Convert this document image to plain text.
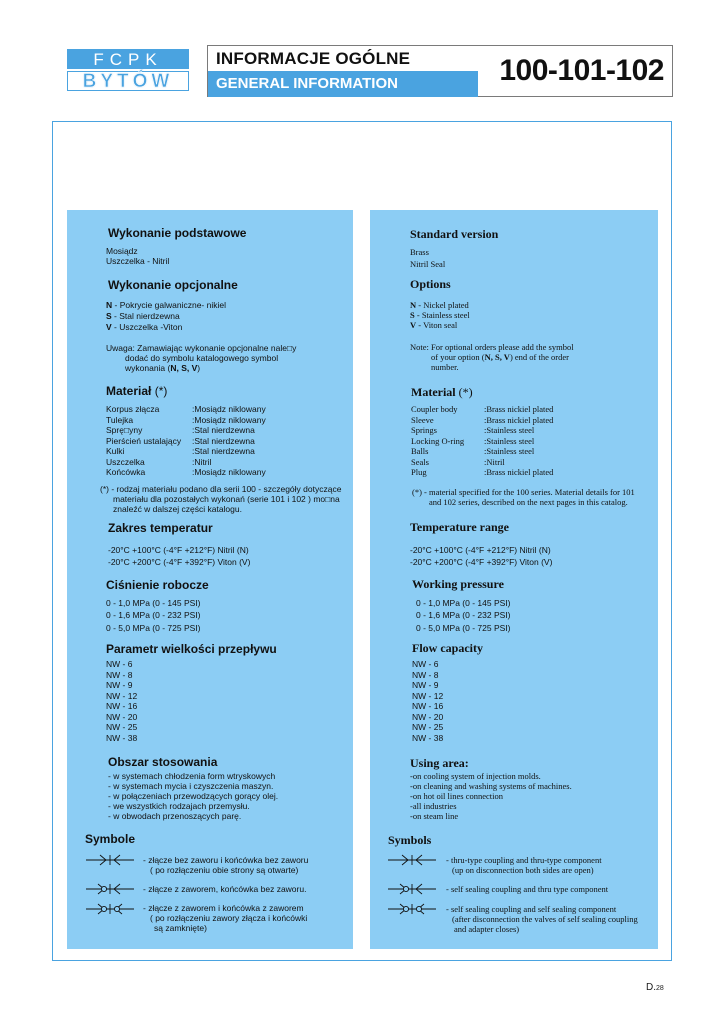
FCPK
BYTÓW
INFORMACJE OGÓLNE
GENERAL INFORMATION	100-101-102
Wykonanie podstawowe
Mosiądz
Uszczelka - Nitril
Wykonanie opcjonalne
N - Pokrycie galwaniczne- nikiel
S - Stal nierdzewna
V - Uszczelka -Viton
Uwaga: Zamawiając wykonanie opcjonalne nale□y
dodać do symbolu katalogowego symbol
wykonania (N, S, V)
Materiał (*)
Korpus złącza	:Mosiądz niklowany
Tulejka	:Mosiądz niklowany
Sprę□yny	:Stal nierdzewna
Pierścień ustalający :Stal nierdzewna
Kulki	:Stal nierdzewna
Uszczelka	:Nitril
Końcówka	:Mosiądz niklowany
(*) - rodzaj materiału podano dla serii 100 - szczegóły dotyczące
materiału dla pozostałych wykonań (serie 101 i 102 ) mo□na
znaleźć w dalszej części katalogu.
Zakres temperatur
-20°C +100°C (-4°F +212°F) Nitril (N)
-20°C +200°C (-4°F +392°F) Viton (V)
Ciśnienie robocze
0 - 1,0 MPa (0 - 145 PSI)
0 - 1,6 MPa (0 - 232 PSI)
0 - 5,0 MPa (0 - 725 PSI)
Parametr wielkości przepływu
NW - 6
NW - 8
NW - 9
NW - 12
NW - 16
NW - 20
NW - 25
NW - 38
Obszar stosowania
- w systemach chłodzenia form wtryskowych
- w systemach mycia i czyszczenia maszyn.
- w połączeniach przewodzących gorący olej.
- we wszystkich rodzajach przemysłu.
- w obwodach przenoszących parę.
Symbole
- złącze bez zaworu i końcówka bez zaworu
( po rozłączeniu obie strony są otwarte)
- złącze z zaworem, końcówka bez zaworu.
- złącze z zaworem i końcówka z zaworem
( po rozłączeniu zawory złącza i końcówki
są zamknięte)
Standard version
Brass
Nitril Seal
Options
N - Nickel plated
S - Stainless steel
V - Viton seal
Note: For optional orders please add the symbol
of your option (N, S, V) end of the order
number.
Material (*)
Coupler body	:Brass nickiel plated
Sleeve	:Brass nickiel plated
Springs	:Stainless steel
Locking O-ring :Stainless steel
Balls	:Stainless steel
Seals	:Nitril
Plug	:Brass nickiel plated
(*) - material specified for the 100 series. Material details for 101
and 102 series, described on the next pages in this catalog.
Temperature range
-20°C +100°C (-4°F +212°F) Nitril (N)
-20°C +200°C (-4°F +392°F) Viton (V)
Working pressure
0 - 1,0 MPa (0 - 145 PSI)
0 - 1,6 MPa (0 - 232 PSI)
0 - 5,0 MPa (0 - 725 PSI)
Flow capacity
NW - 6
NW - 8
NW - 9
NW - 12
NW - 16
NW - 20
NW - 25
NW - 38
Using area:
-on cooling system of injection molds.
-on cleaning and washing systems of machines.
-on hot oil lines connection
-all industries
-on steam line
Symbols
- thru-type coupling and thru-type component
(up on disconnection both sides are open)
- self sealing coupling and thru type component
- self sealing coupling and self sealing component
(after disconnection the valves of self sealing coupling
and adapter closes)
D.28
